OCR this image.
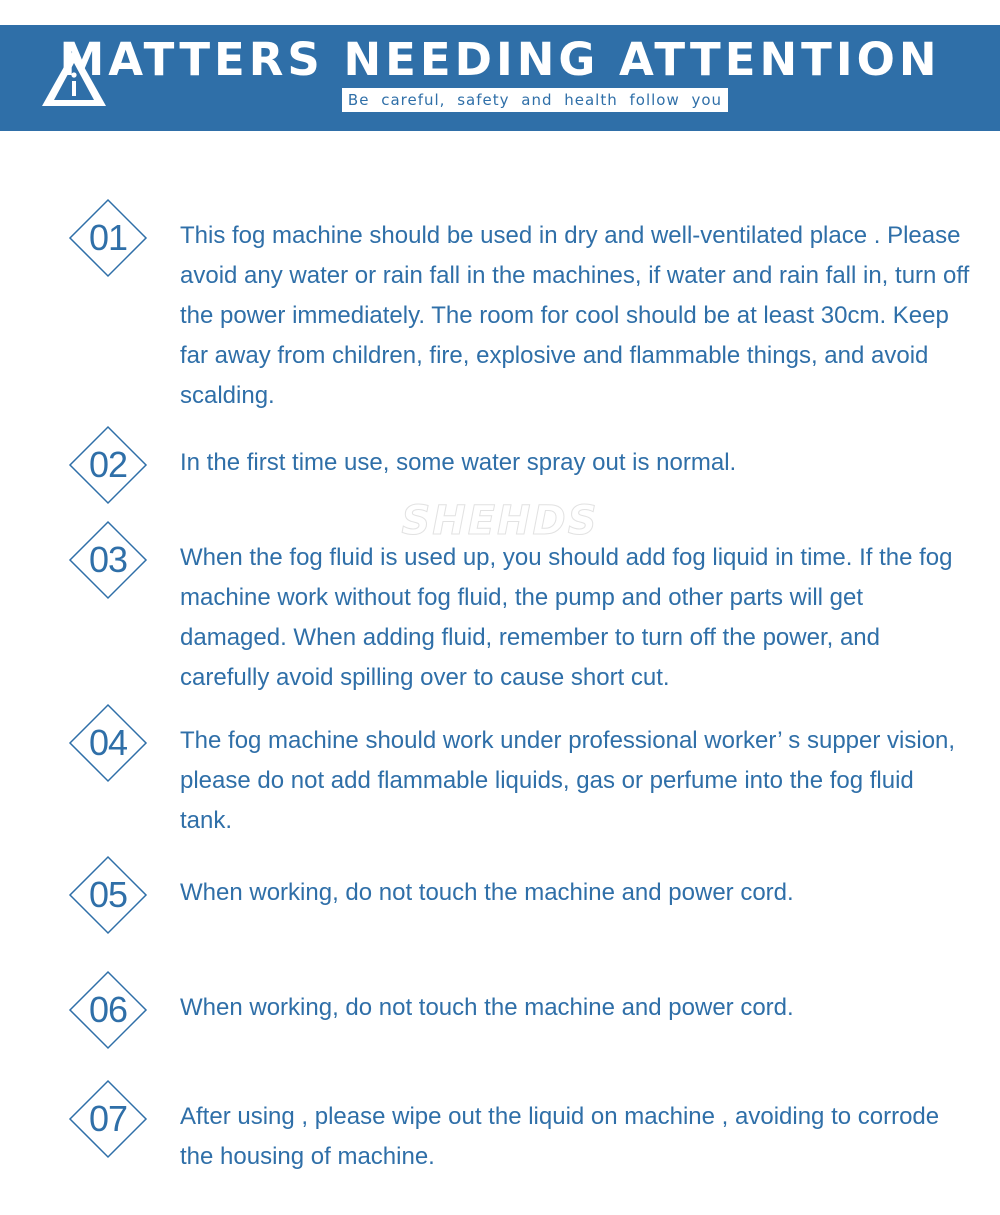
MATTERS NEEDING ATTENTION
Be careful, safety and health follow you
SHEHDS
01	This fog machine should be used in dry and well-ventilated place . Please avoid any water or rain fall in the machines, if water and rain fall in, turn off the power immediately. The room for cool should be at least 30cm. Keep far away from children, fire, explosive and flammable things, and avoid scalding.

02	In the first time use, some water spray out is normal.

03	When the fog fluid is used up, you should add fog liquid in time. If the fog machine work without fog fluid, the pump and other parts will get damaged. When adding fluid, remember to turn off the power, and carefully avoid spilling over to cause short cut.

04	The fog machine should work under professional worker’ s supper vision, please do not add flammable liquids, gas or perfume into the fog fluid tank.

05	When working, do not touch the machine and power cord.

06	When working, do not touch the machine and power cord.

07	After using , please wipe out the liquid on machine , avoiding to corrode the housing of machine.
